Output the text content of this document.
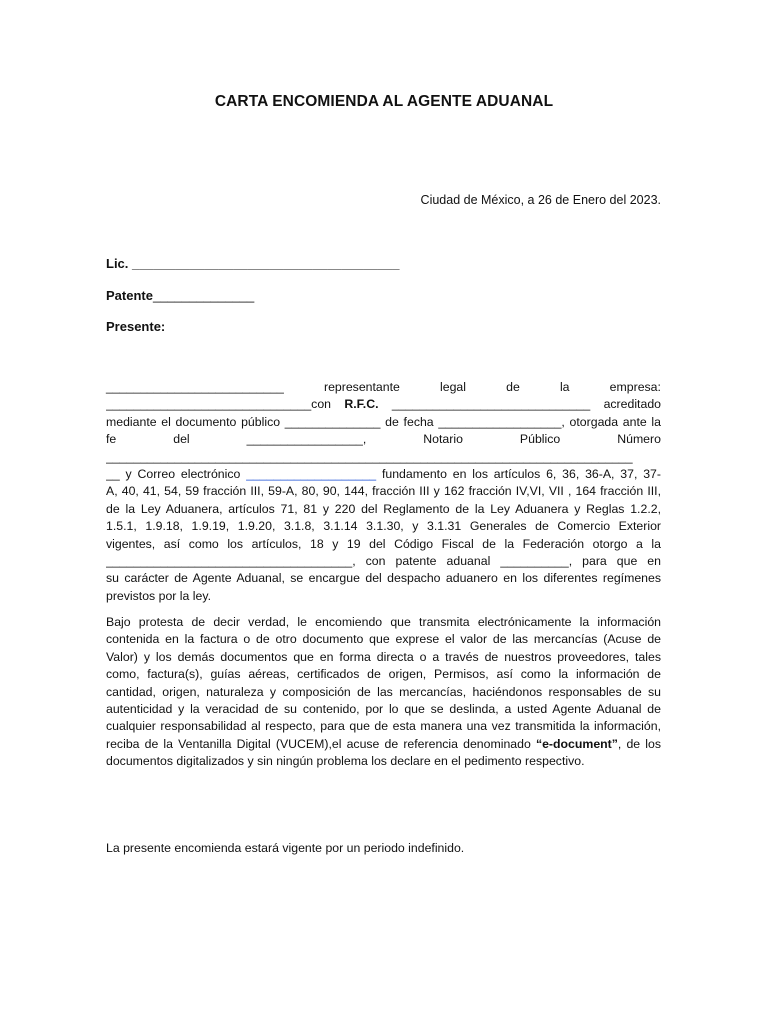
CARTA ENCOMIENDA AL AGENTE ADUANAL
Ciudad de México, a 26 de Enero del 2023.
Lic. _____________________________________
Patente______________
Presente:
__________________________	representante	legal	de	la	empresa:
______________________________con R.F.C. _____________________________ acreditado
mediante el documento público ______________ de fecha __________________, otorgada ante la
fe	del	_________________,	Notario	Público	Número
_____________________________________________________________________________
__ y Correo electrónico ___________________ fundamento en los artículos 6, 36, 36-A, 37, 37-
A, 40, 41, 54, 59 fracción III, 59-A, 80, 90, 144, fracción III y 162 fracción IV,VI, VII , 164 fracción III,
de la Ley Aduanera, artículos 71, 81 y 220 del Reglamento de la Ley Aduanera y Reglas 1.2.2,
1.5.1, 1.9.18, 1.9.19, 1.9.20, 3.1.8, 3.1.14 3.1.30, y 3.1.31 Generales de Comercio Exterior
vigentes, así como los artículos, 18 y 19 del Código Fiscal de la Federación otorgo a la
____________________________________, con patente aduanal __________, para que en
su carácter de Agente Aduanal, se encargue del despacho aduanero en los diferentes regímenes
previstos por la ley.
Bajo protesta de decir verdad, le encomiendo que transmita electrónicamente la información
contenida en la factura o de otro documento que exprese el valor de las mercancías (Acuse de
Valor) y los demás documentos que en forma directa o a través de nuestros proveedores, tales
como, factura(s), guías aéreas, certificados de origen, Permisos, así como la información de
cantidad, origen, naturaleza y composición de las mercancías, haciéndonos responsables de su
autenticidad y la veracidad de su contenido, por lo que se deslinda, a usted Agente Aduanal de
cualquier responsabilidad al respecto, para que de esta manera una vez transmitida la información,
reciba de la Ventanilla Digital (VUCEM),el acuse de referencia denominado “e-document”, de los
documentos digitalizados y sin ningún problema los declare en el pedimento respectivo.
La presente encomienda estará vigente por un periodo indefinido.
